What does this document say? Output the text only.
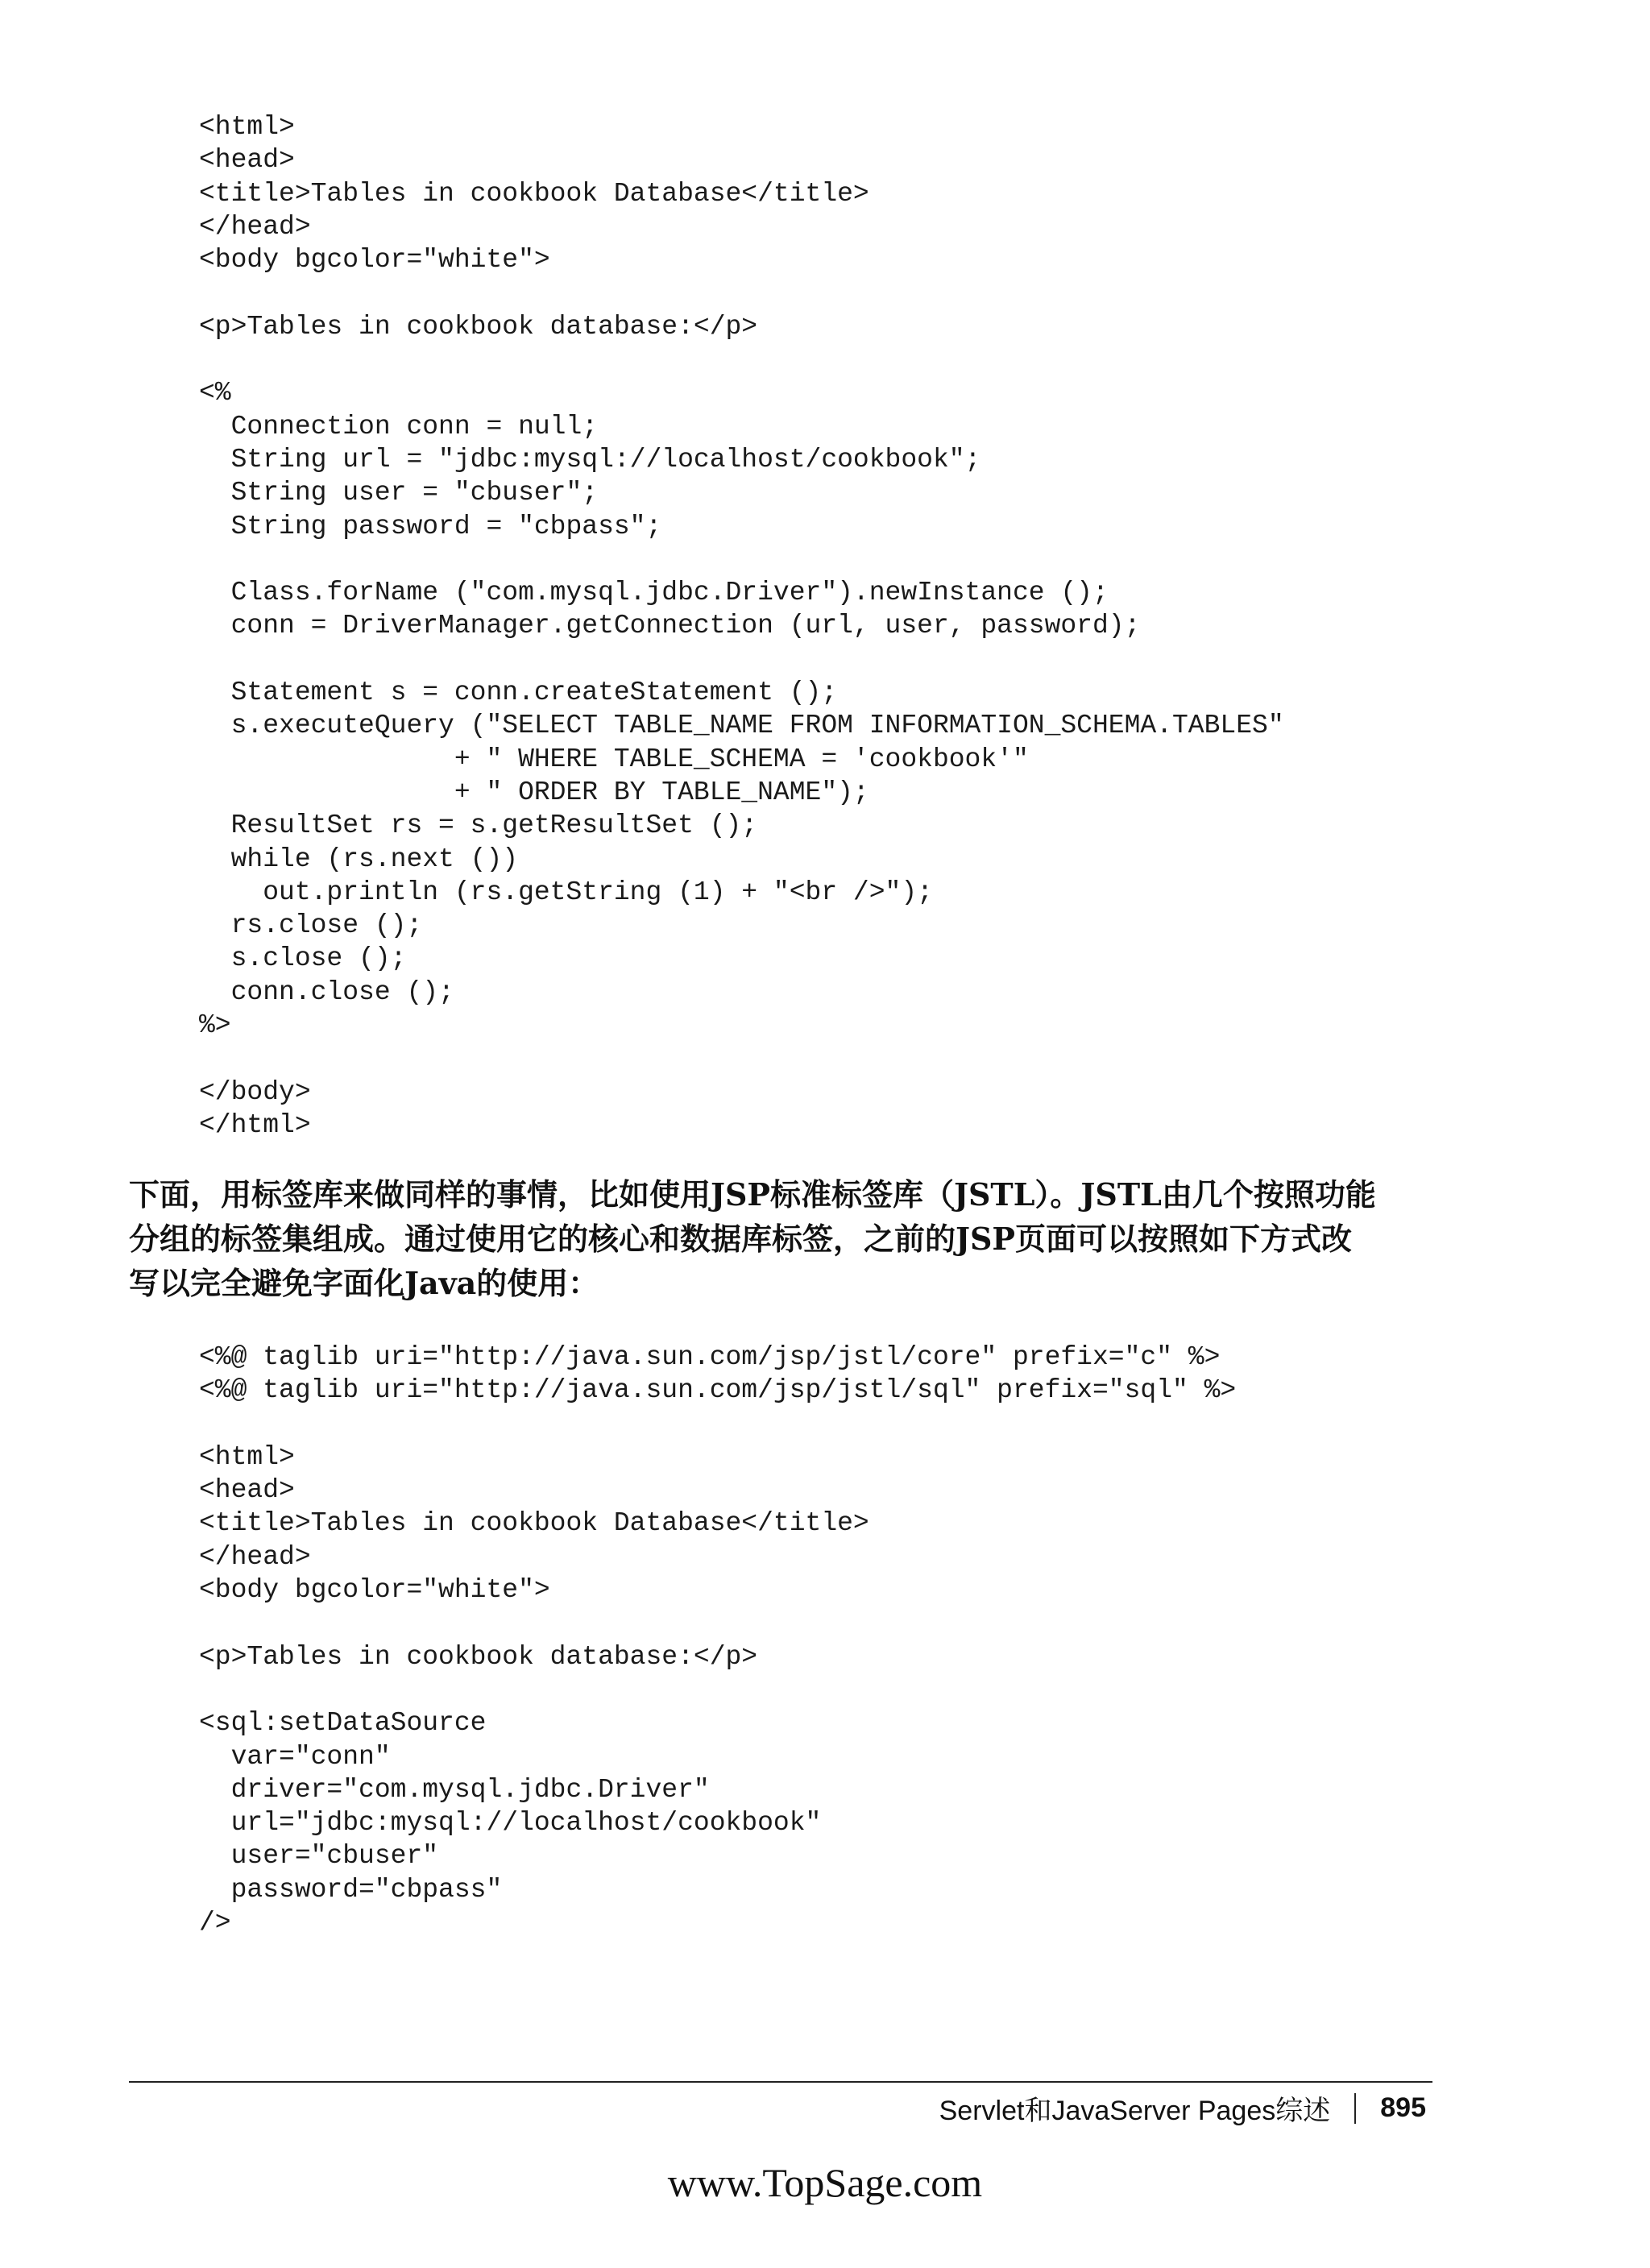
<html>
<head>
<title>Tables in cookbook Database</title>
</head>
<body bgcolor="white">
<p>Tables in cookbook database:</p>
<%
Connection conn = null;
String url = "jdbc:mysql://localhost/cookbook";
String user = "cbuser";
String password = "cbpass";
Class.forName ("com.mysql.jdbc.Driver").newInstance ();
conn = DriverManager.getConnection (url, user, password);
Statement s = conn.createStatement ();
s.executeQuery ("SELECT TABLE_NAME FROM INFORMATION_SCHEMA.TABLES"
+ " WHERE TABLE_SCHEMA = 'cookbook'"
+ " ORDER BY TABLE_NAME");
ResultSet rs = s.getResultSet ();
while (rs.next ())
out.println (rs.getString (1) + "<br />");
rs.close ();
s.close ();
conn.close ();
%>
</body>
</html>
下面，用标签库来做同样的事情，比如使用JSP标准标签库（JSTL）。JSTL由几个按照功能
分组的标签集组成。通过使用它的核心和数据库标签，之前的JSP页面可以按照如下方式改
写以完全避免字面化Java的使用：
<%@ taglib uri="http://java.sun.com/jsp/jstl/core" prefix="c" %>
<%@ taglib uri="http://java.sun.com/jsp/jstl/sql" prefix="sql" %>
<html>
<head>
<title>Tables in cookbook Database</title>
</head>
<body bgcolor="white">
<p>Tables in cookbook database:</p>
<sql:setDataSource
var="conn"
driver="com.mysql.jdbc.Driver"
url="jdbc:mysql://localhost/cookbook"
user="cbuser"
password="cbpass"
/>
Servlet和JavaServer Pages综述 895
www.TopSage.com
